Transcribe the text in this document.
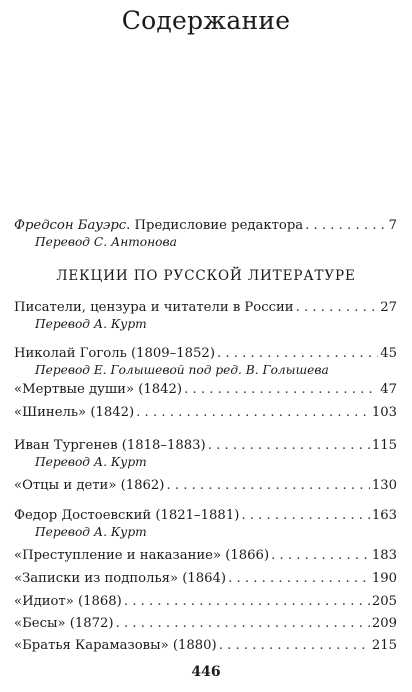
Содержание
Фредсон Бауэрс. Предисловие редактора . . .	7
Перевод С. Антонова
ЛЕКЦИИ ПО РУССКОЙ ЛИТЕРАТУРЕ
Писатели, цензура и читатели в России . . .	27
Перевод А. Курт
Николай Гоголь (1809–1852) . . .	45
Перевод Е. Голышевой под ред. В. Голышева
«Мертвые души» (1842) . . .	47
«Шинель» (1842) . . .	103
Иван Тургенев (1818–1883) . . .	115
Перевод А. Курт
«Отцы и дети» (1862) . . .	130
Федор Достоевский (1821–1881) . . .	163
Перевод А. Курт
«Преступление и наказание» (1866) . . .	183
«Записки из подполья» (1864) . . .	190
«Идиот» (1868) . . .	205
«Бесы» (1872) . . .	209
«Братья Карамазовы» (1880) . . .	215
446
